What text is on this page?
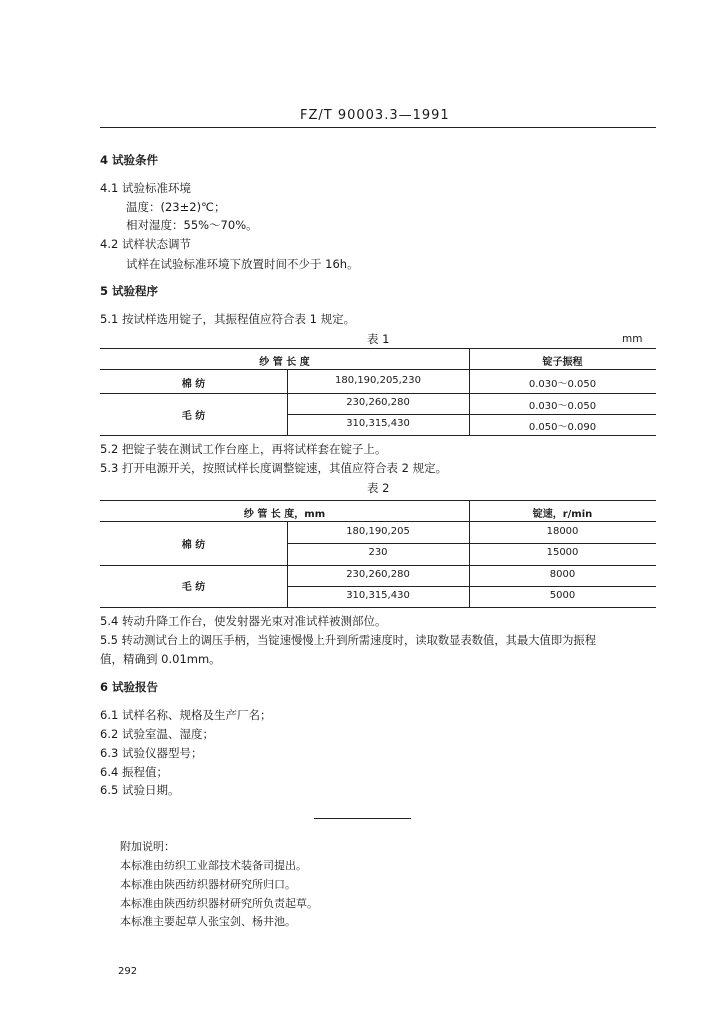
FZ/T 90003.3—1991
4 试验条件
4.1 试验标准环境
温度：(23±2)℃；
相对湿度：55%～70%。
4.2 试样状态调节
试样在试验标准环境下放置时间不少于 16h。
5 试验程序
5.1 按试样选用锭子，其振程值应符合表 1 规定。
表 1	mm
纱 管 长 度	锭子振程
棉 纺	180,190,205,230	0.030～0.050
毛 纺
230,260,280	0.030～0.050
310,315,430	0.050～0.090
5.2 把锭子装在测试工作台座上，再将试样套在锭子上。
5.3 打开电源开关，按照试样长度调整锭速，其值应符合表 2 规定。
表 2
纱 管 长 度，mm	锭速，r/min
棉 纺
180,190,205	18000
230	15000
毛 纺
230,260,280	8000
310,315,430	5000
5.4 转动升降工作台，使发射器光束对准试样被测部位。
5.5 转动测试台上的调压手柄，当锭速慢慢上升到所需速度时，读取数显表数值，其最大值即为振程
值，精确到 0.01mm。
6 试验报告
6.1 试样名称、规格及生产厂名；
6.2 试验室温、湿度；
6.3 试验仪器型号；
6.4 振程值；
6.5 试验日期。
附加说明：
本标准由纺织工业部技术装备司提出。
本标准由陕西纺织器材研究所归口。
本标准由陕西纺织器材研究所负责起草。
本标准主要起草人张宝剑、杨井池。
292
